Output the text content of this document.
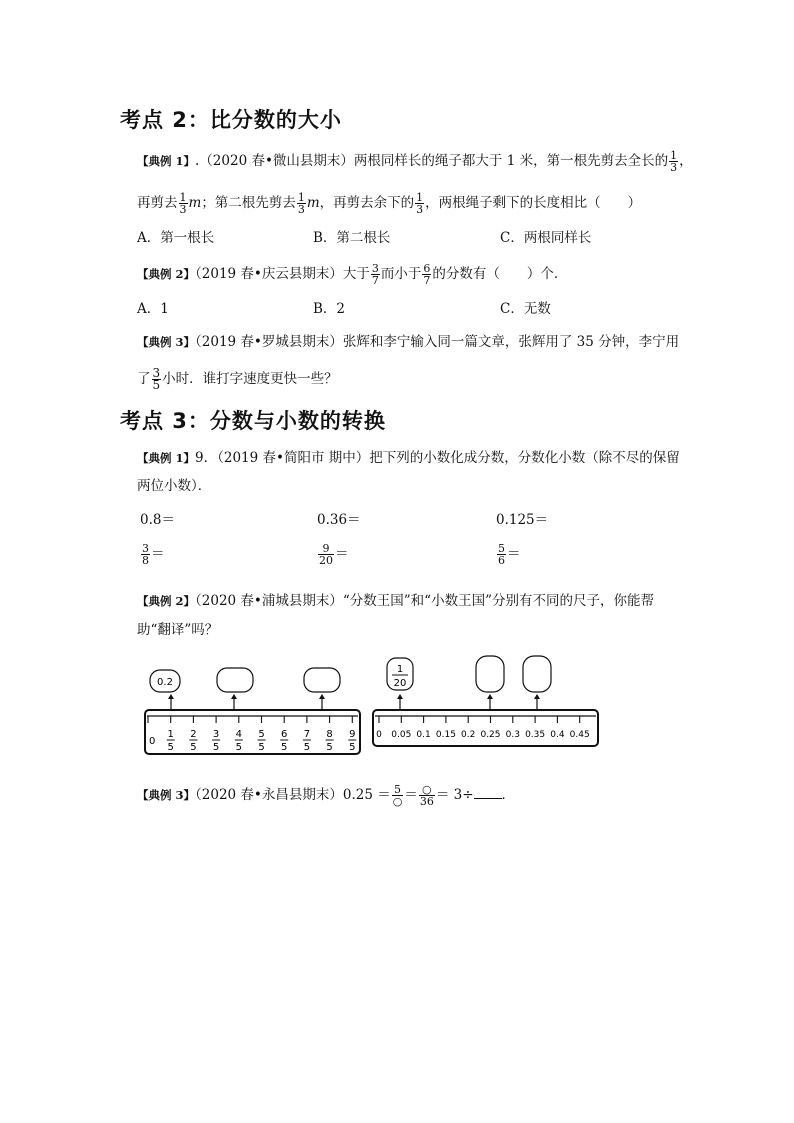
考点 2：比分数的大小
【典例 1】.（2020 春•微山县期末）两根同样长的绳子都大于 1 米，第一根先剪去全长的 $\frac{1}{3}$ ，
再剪去 $\frac{1}{3}$ m；第二根先剪去 $\frac{1}{3}$ m，再剪去余下的 $\frac{1}{3}$ ，两根绳子剩下的长度相比（　　）
A．第一根长	B．第二根长	C．两根同样长
【典例 2】（2019 春•庆云县期末）大于 $\frac{3}{7}$ 而小于 $\frac{6}{7}$ 的分数有（　　）个．
A．1	B．2	C．无数
【典例 3】（2019 春•罗城县期末）张辉和李宁输入同一篇文章，张辉用了 35 分钟，李宁用
了 $\frac{3}{5}$ 小时．谁打字速度更快一些？
考点 3：分数与小数的转换
【典例 1】9．（2019 春•简阳市 期中）把下列的小数化成分数，分数化小数（除不尽的保留
两位小数）．
0.8＝	0.36＝	0.125＝
$\frac{3}{8}$ ＝	$\frac{9}{20}$ ＝	$\frac{5}{6}$ ＝
【典例 2】（2020 春•浦城县期末）“分数王国”和“小数王国”分别有不同的尺子，你能帮
助“翻译”吗？
0
1
5
2
5
3
5
4
5
5
5
6
5
7
5
8
5
9
5
0.2
0 0.05 0.1 0.15 0.2 0.25 0.3 0.35 0.4 0.45
1
20
【典例 3】（2020 春•永昌县期末）0.25 ＝ 5
○ ＝ ○
36 ＝ 3÷ ．
